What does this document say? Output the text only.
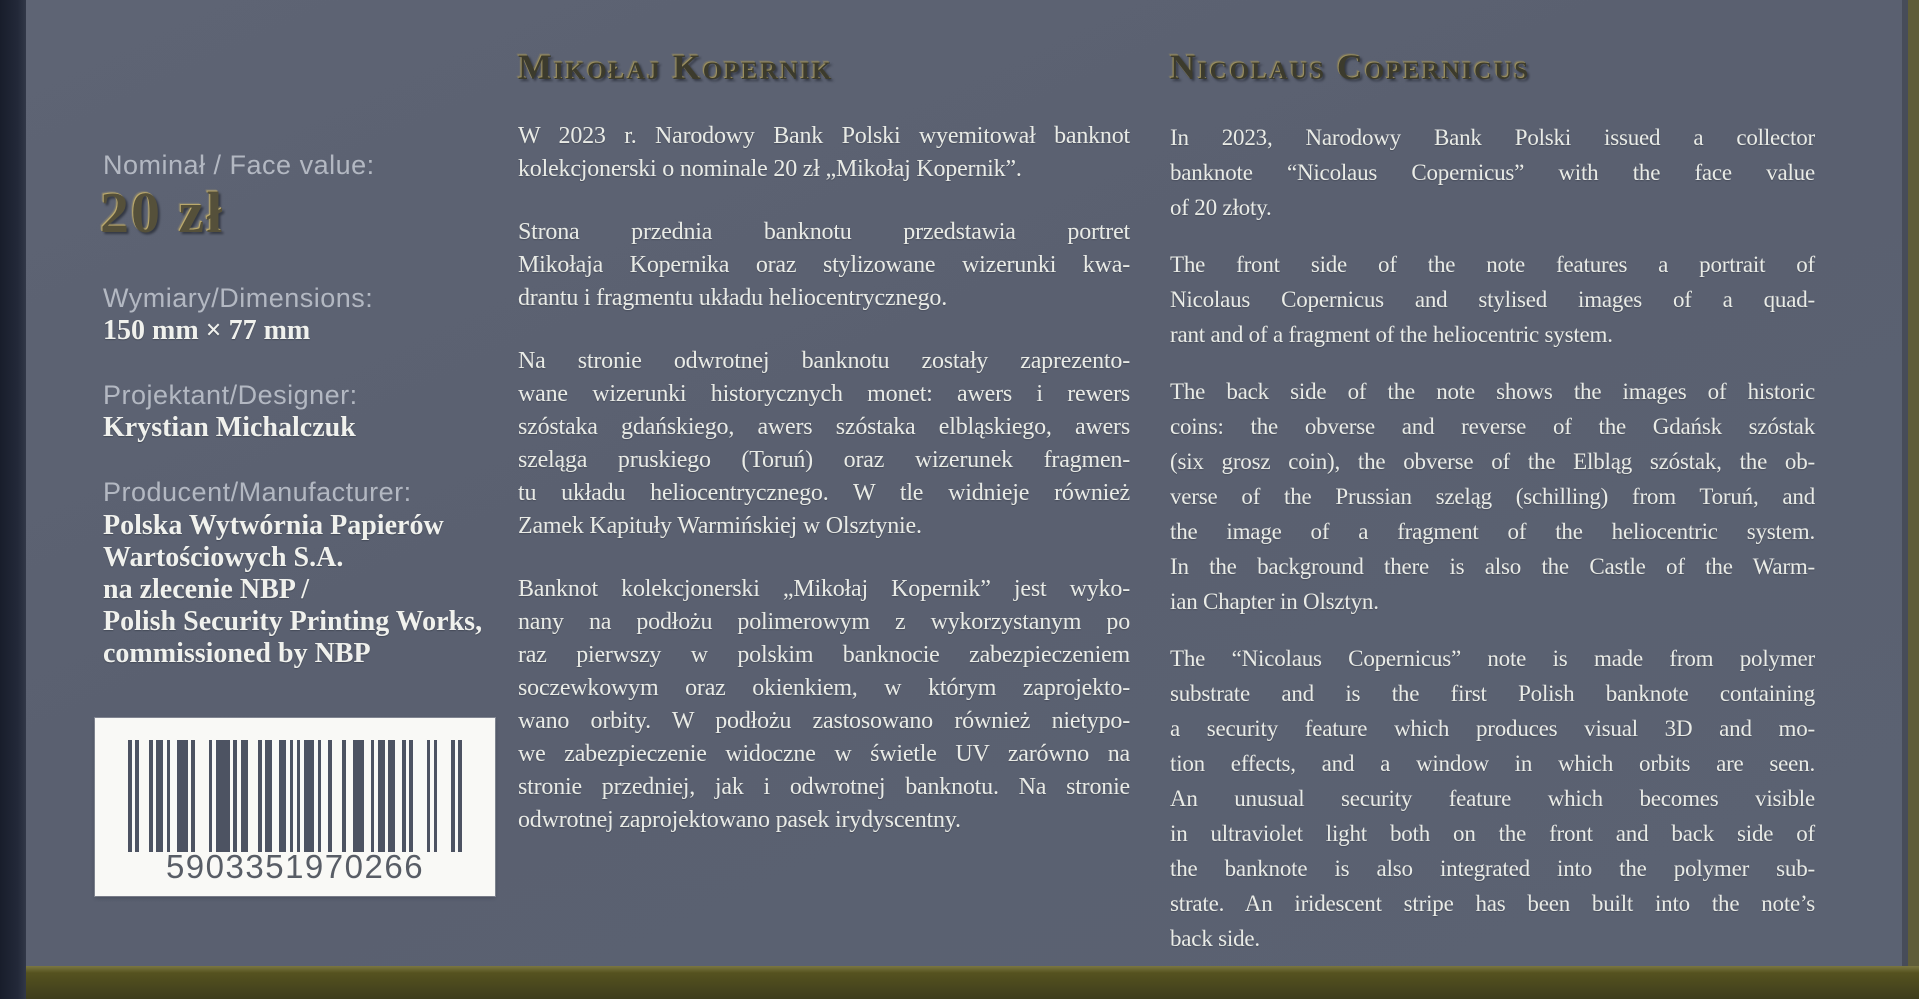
Nominał / Face value:
20 zł
Wymiary/Dimensions:
150 mm × 77 mm
Projektant/Designer:
Krystian Michalczuk
Producent/Manufacturer:
Polska Wytwórnia Papierów
Wartościowych S.A.
na zlecenie NBP /
Polish Security Printing Works,
commissioned by NBP
5903351970266
Mikołaj Kopernik
W 2023 r. Narodowy Bank Polski wyemitował banknot
kolekcjonerski o nominale 20 zł „Mikołaj Kopernik”.
Strona przednia banknotu przedstawia portret
Mikołaja Kopernika oraz stylizowane wizerunki kwa-
drantu i fragmentu układu heliocentrycznego.
Na stronie odwrotnej banknotu zostały zaprezento-
wane wizerunki historycznych monet: awers i rewers
szóstaka gdańskiego, awers szóstaka elbląskiego, awers
szeląga pruskiego (Toruń) oraz wizerunek fragmen-
tu układu heliocentrycznego. W tle widnieje również
Zamek Kapituły Warmińskiej w Olsztynie.
Banknot kolekcjonerski „Mikołaj Kopernik” jest wyko-
nany na podłożu polimerowym z wykorzystanym po
raz pierwszy w polskim banknocie zabezpieczeniem
soczewkowym oraz okienkiem, w którym zaprojekto-
wano orbity. W podłożu zastosowano również nietypo-
we zabezpieczenie widoczne w świetle UV zarówno na
stronie przedniej, jak i odwrotnej banknotu. Na stronie
odwrotnej zaprojektowano pasek irydyscentny.
Nicolaus Copernicus
In 2023, Narodowy Bank Polski issued a collector
banknote “Nicolaus Copernicus” with the face value
of 20 złoty.
The front side of the note features a portrait of
Nicolaus Copernicus and stylised images of a quad-
rant and of a fragment of the heliocentric system.
The back side of the note shows the images of historic
coins: the obverse and reverse of the Gdańsk szóstak
(six grosz coin), the obverse of the Elbląg szóstak, the ob-
verse of the Prussian szeląg (schilling) from Toruń, and
the image of a fragment of the heliocentric system.
In the background there is also the Castle of the Warm-
ian Chapter in Olsztyn.
The “Nicolaus Copernicus” note is made from polymer
substrate and is the first Polish banknote containing
a security feature which produces visual 3D and mo-
tion effects, and a window in which orbits are seen.
An unusual security feature which becomes visible
in ultraviolet light both on the front and back side of
the banknote is also integrated into the polymer sub-
strate. An iridescent stripe has been built into the note’s
back side.
